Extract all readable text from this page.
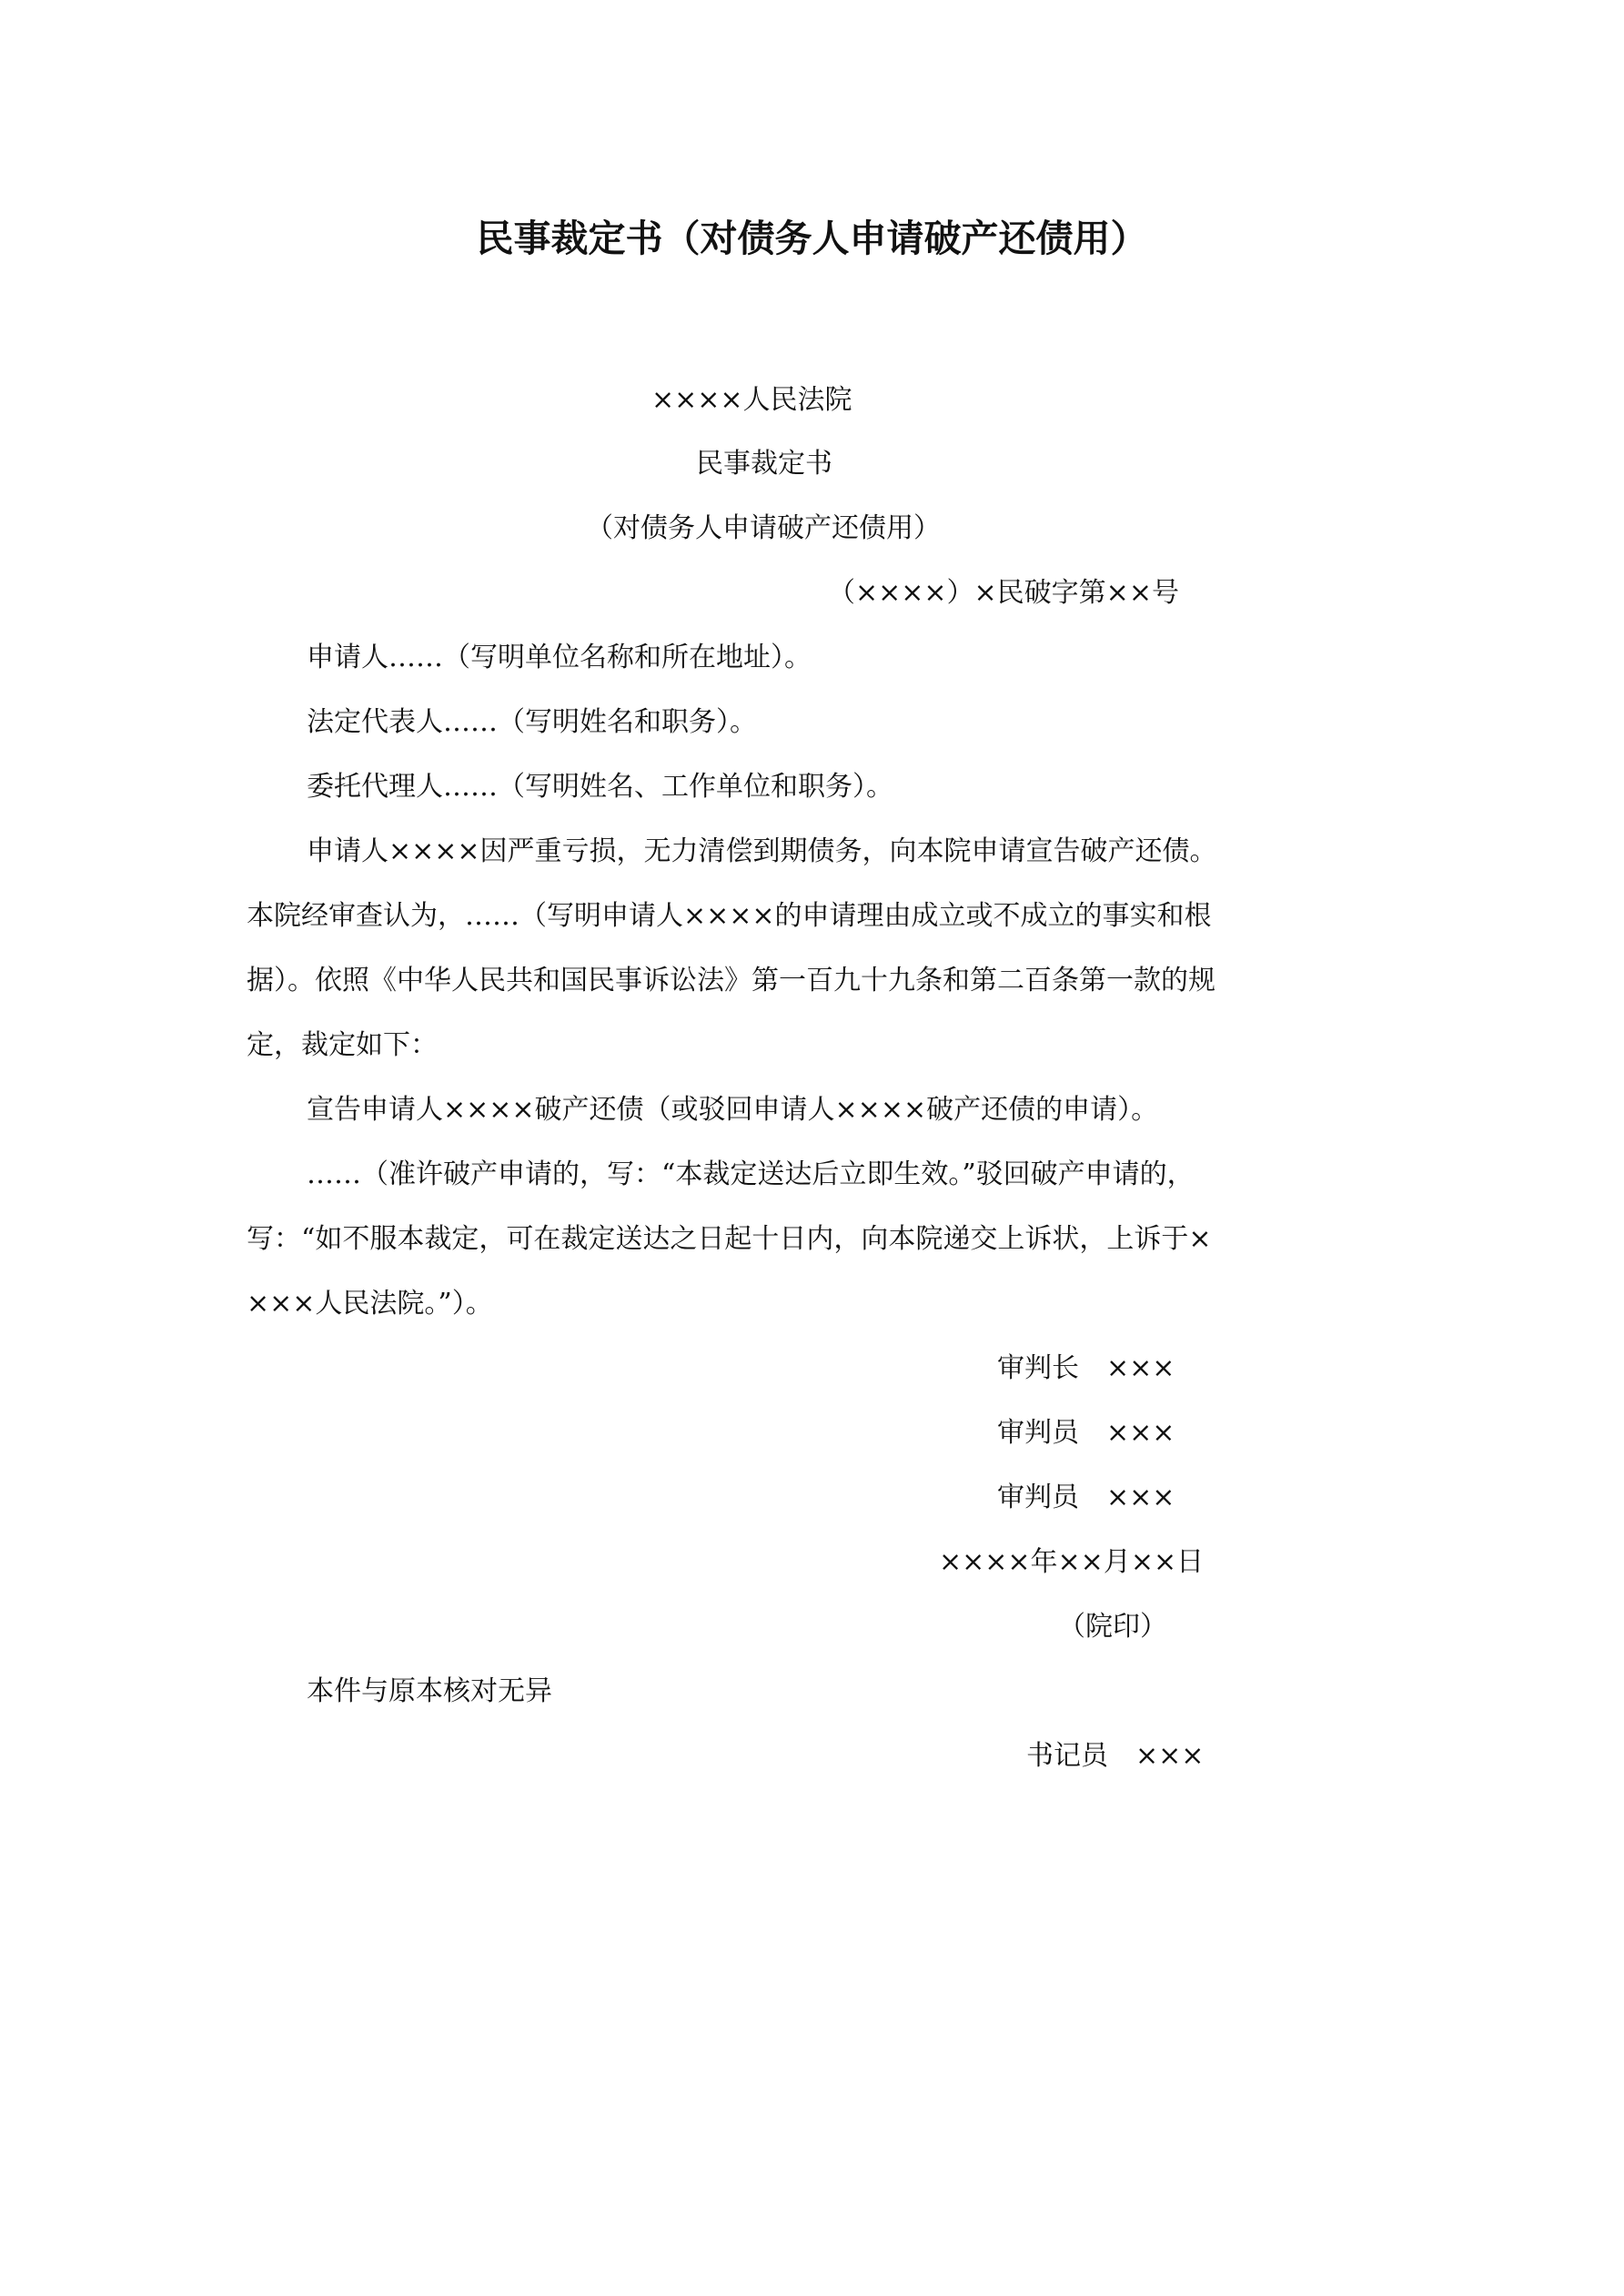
民事裁定书（对债务人申请破产还债用）
××××人民法院
民事裁定书
（对债务人申请破产还债用）
（××××）×民破字第××号
申请人……（写明单位名称和所在地址）。
法定代表人……（写明姓名和职务）。
委托代理人……（写明姓名、工作单位和职务）。
申请人××××因严重亏损，无力清偿到期债务，向本院申请宣告破产还债。
本院经审查认为，……（写明申请人××××的申请理由成立或不成立的事实和根
据）。依照《中华人民共和国民事诉讼法》第一百九十九条和第二百条第一款的规
定，裁定如下：
宣告申请人××××破产还债（或驳回申请人××××破产还债的申请）。
……（准许破产申请的，写：“本裁定送达后立即生效。”驳回破产申请的，
写：“如不服本裁定，可在裁定送达之日起十日内，向本院递交上诉状，上诉于×
×××人民法院。”）。
审判长　×××
审判员　×××
审判员　×××
××××年××月××日
（院印）
本件与原本核对无异
书记员　×××
